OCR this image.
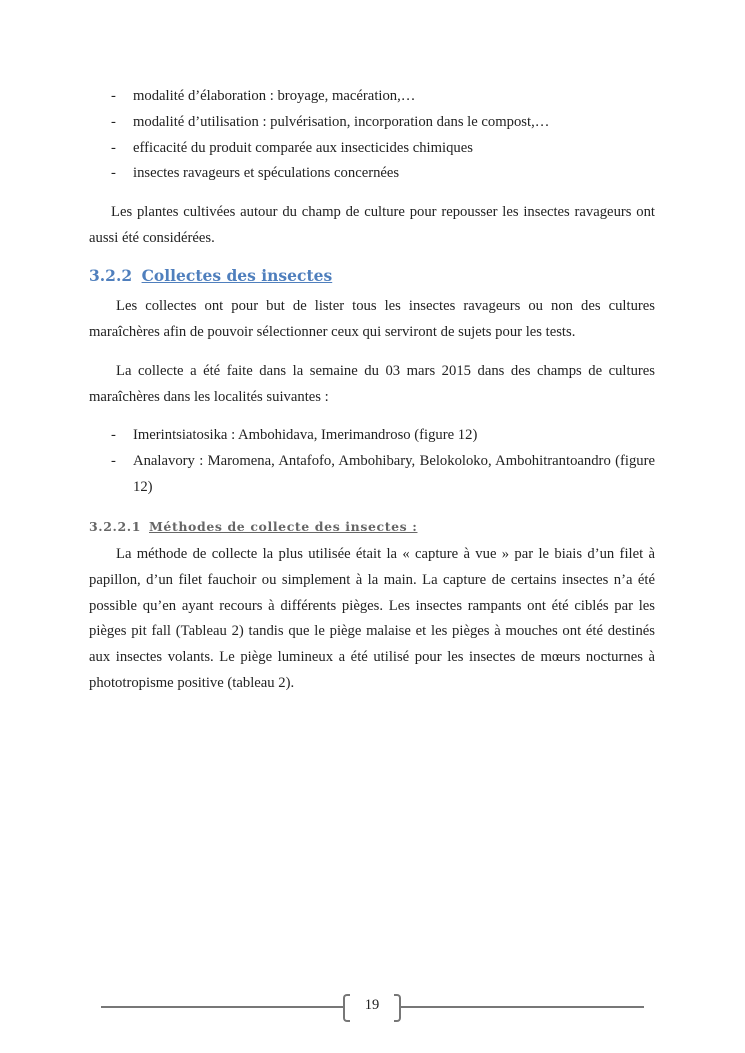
- modalité d’élaboration : broyage, macération,…
- modalité d’utilisation : pulvérisation, incorporation dans le compost,…
- efficacité du produit comparée aux insecticides chimiques
- insectes ravageurs et spéculations concernées

Les plantes cultivées autour du champ de culture pour repousser les insectes ravageurs ont aussi été considérées.

3.2.2 Collectes des insectes

Les collectes ont pour but de lister tous les insectes ravageurs ou non des cultures maraîchères afin de pouvoir sélectionner ceux qui serviront de sujets pour les tests.

La collecte a été faite dans la semaine du 03 mars 2015 dans des champs de cultures maraîchères dans les localités suivantes :

- Imerintsiatosika : Ambohidava, Imerimandroso (figure 12)
- Analavory : Maromena, Antafofo, Ambohibary, Belokoloko, Ambohitrantoandro (figure 12)
3.2.2.1 Méthodes de collecte des insectes :

La méthode de collecte la plus utilisée était la « capture à vue » par le biais d’un filet à papillon, d’un filet fauchoir ou simplement à la main. La capture de certains insectes n’a été possible qu’en ayant recours à différents pièges. Les insectes rampants ont été ciblés par les pièges pit fall (Tableau 2) tandis que le piège malaise et les pièges à mouches ont été destinés aux insectes volants. Le piège lumineux a été utilisé pour les insectes de mœurs nocturnes à phototropisme positive (tableau 2).

19
